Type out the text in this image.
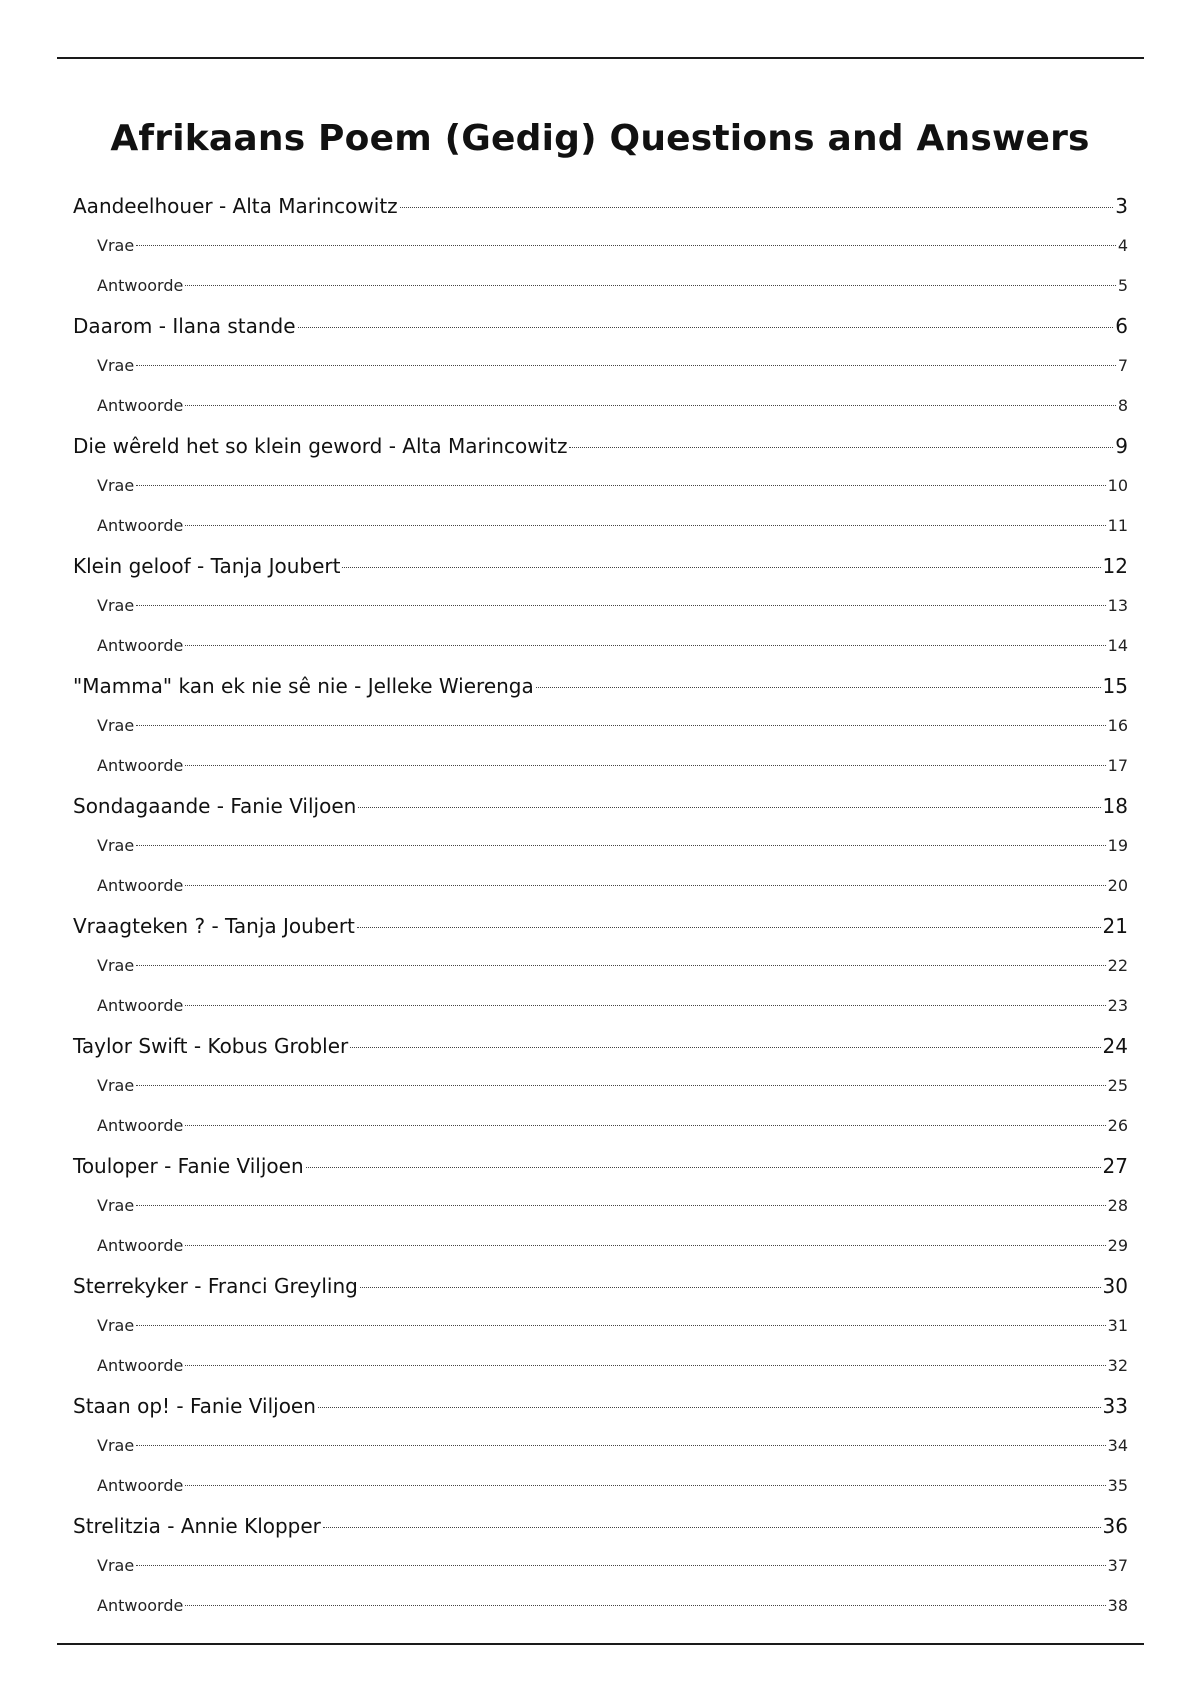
Afrikaans Poem (Gedig) Questions and Answers
Aandeelhouer - Alta Marincowitz	3
Vrae	4
Antwoorde	5
Daarom - Ilana stande	6
Vrae	7
Antwoorde	8
Die wêreld het so klein geword - Alta Marincowitz	9
Vrae	10
Antwoorde	11
Klein geloof - Tanja Joubert	12
Vrae	13
Antwoorde	14
"Mamma" kan ek nie sê nie - Jelleke Wierenga	15
Vrae	16
Antwoorde	17
Sondagaande - Fanie Viljoen	18
Vrae	19
Antwoorde	20
Vraagteken ? - Tanja Joubert	21
Vrae	22
Antwoorde	23
Taylor Swift - Kobus Grobler	24
Vrae	25
Antwoorde	26
Touloper - Fanie Viljoen	27
Vrae	28
Antwoorde	29
Sterrekyker - Franci Greyling	30
Vrae	31
Antwoorde	32
Staan op! - Fanie Viljoen	33
Vrae	34
Antwoorde	35
Strelitzia - Annie Klopper	36
Vrae	37
Antwoorde	38
